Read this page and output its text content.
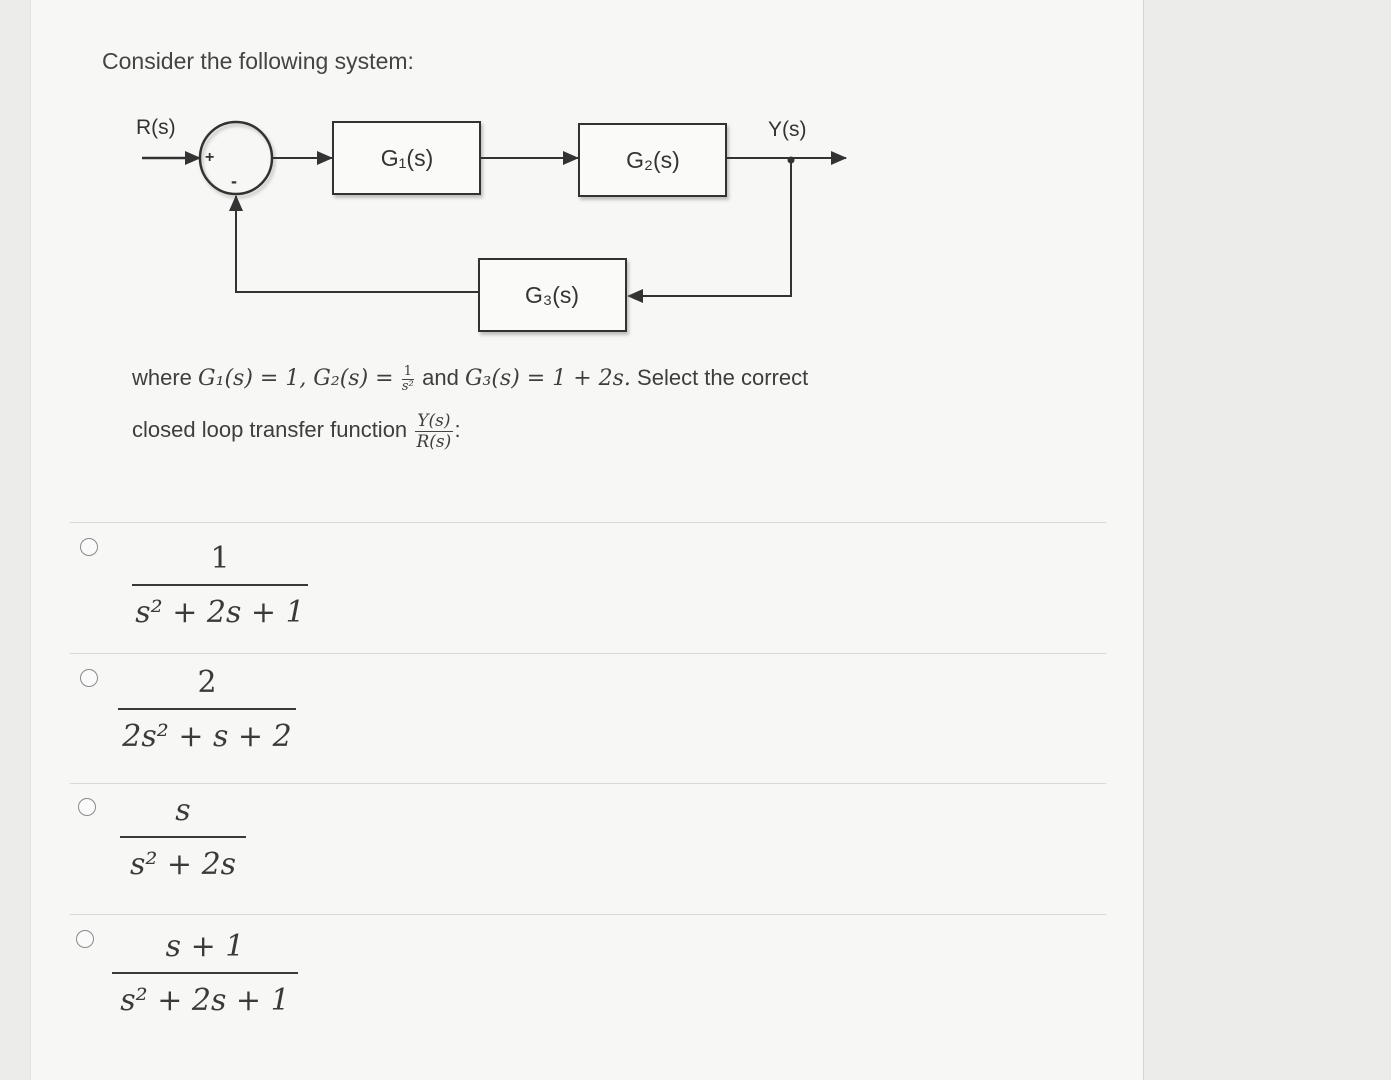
Consider the following system:
R(s)
+
-
G₁(s)	G₂(s)
Y(s)
G₃(s)
where G₁(s) = 1, $G_2(s) = \frac{1}{\text{s²}}$ and G₃(s) = 1 + 2s. Select the correct
closed loop transfer function $\frac{Y(s)}{R(s)}$ :
1
s² + 2s + 1
2
2s² + s + 2
s
s² + 2s
s + 1
s² + 2s + 1
